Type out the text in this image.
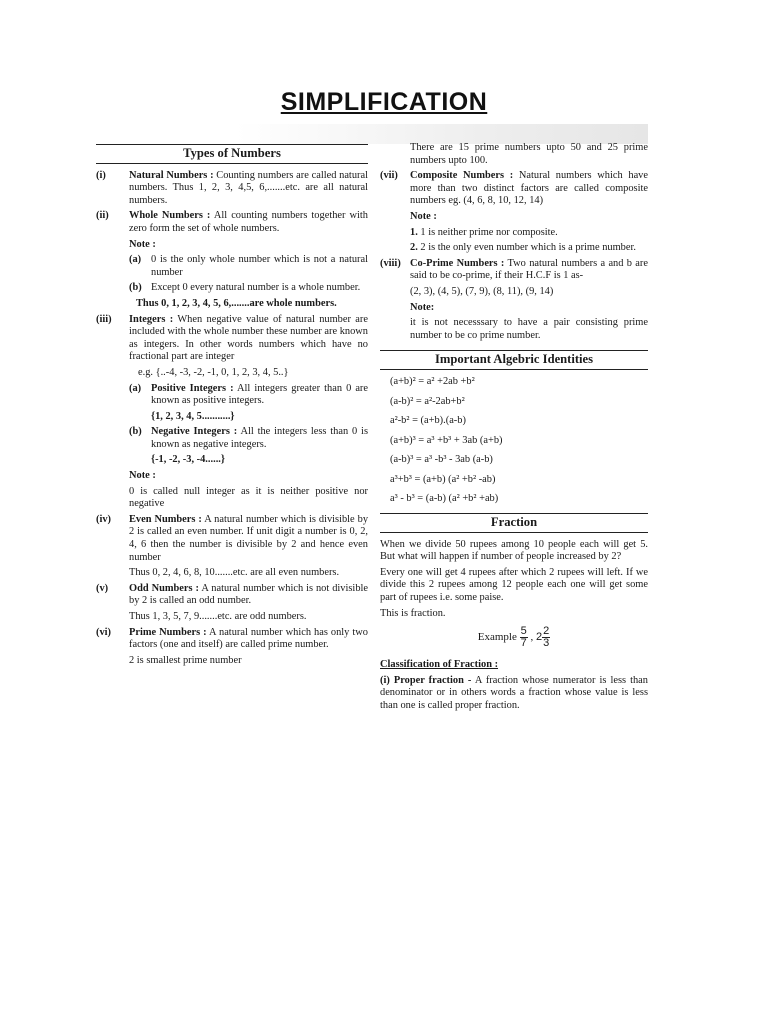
SIMPLIFICATION
Types of Numbers
(i) Natural Numbers : Counting numbers are called natural numbers. Thus 1, 2, 3, 4,5, 6,.......etc. are all natural numbers.
(ii) Whole Numbers : All counting numbers together with zero form the set of whole numbers.
Note :
(a) 0 is the only whole number which is not a natural number
(b) Except 0 every natural number is a whole number.
Thus 0, 1, 2, 3, 4, 5, 6,.......are whole numbers.
(iii) Integers : When negative value of natural number are included with the whole number these number are known as integers. In other words numbers which have no fractional part are integer
e.g. {..-4, -3, -2, -1, 0, 1, 2, 3, 4, 5..}
(a) Positive Integers : All integers greater than 0 are known as positive integers.
{1, 2, 3, 4, 5...........}
(b) Negative Integers : All the integers less than 0 is known as negative integers.
{-1, -2, -3, -4......}
Note :
0 is called null integer as it is neither positive nor negative
(iv) Even Numbers : A natural number which is divisible by 2 is called an even number. If unit digit a number is 0, 2, 4, 6 then the number is divisible by 2 and hence even number
Thus 0, 2, 4, 6, 8, 10.......etc. are all even numbers.
(v) Odd Numbers : A natural number which is not divisible by 2 is called an odd number.
Thus 1, 3, 5, 7, 9.......etc. are odd numbers.
(vi) Prime Numbers : A natural number which has only two factors (one and itself) are called prime number.
2 is smallest prime number
There are 15 prime numbers upto 50 and 25 prime numbers upto 100.
(vii) Composite Numbers : Natural numbers which have more than two distinct factors are called composite numbers eg. (4, 6, 8, 10, 12, 14)
Note :
1. 1 is neither prime nor composite.
2. 2 is the only even number which is a prime number.
(viii) Co-Prime Numbers : Two natural numbers a and b are said to be co-prime, if their H.C.F is 1 as-
(2, 3), (4, 5), (7, 9), (8, 11), (9, 14)
Note:
it is not necesssary to have a pair consisting prime number to be co prime number.
Important Algebric Identities
(a+b)² = a² +2ab +b²
(a-b)² = a²-2ab+b²
a²-b² = (a+b).(a-b)
(a+b)³ = a³ +b³ + 3ab (a+b)
(a-b)³ = a³ -b³ - 3ab (a-b)
a³+b³ = (a+b) (a² +b² -ab)
a³ - b³ = (a-b) (a² +b² +ab)
Fraction
When we divide 50 rupees among 10 people each will get 5. But what will happen if number of people increased by 2?
Every one will get 4 rupees after which 2 rupees will left. If we divide this 2 rupees among 12 people each one will get some part of rupees i.e. some paise.
This is fraction.
Example $\frac{5}{7}$ , $2 \frac{2}{3}$
Classification of Fraction :
(i) Proper fraction - A fraction whose numerator is less than denominator or in others words a fraction whose value is less than one is called proper fraction.
